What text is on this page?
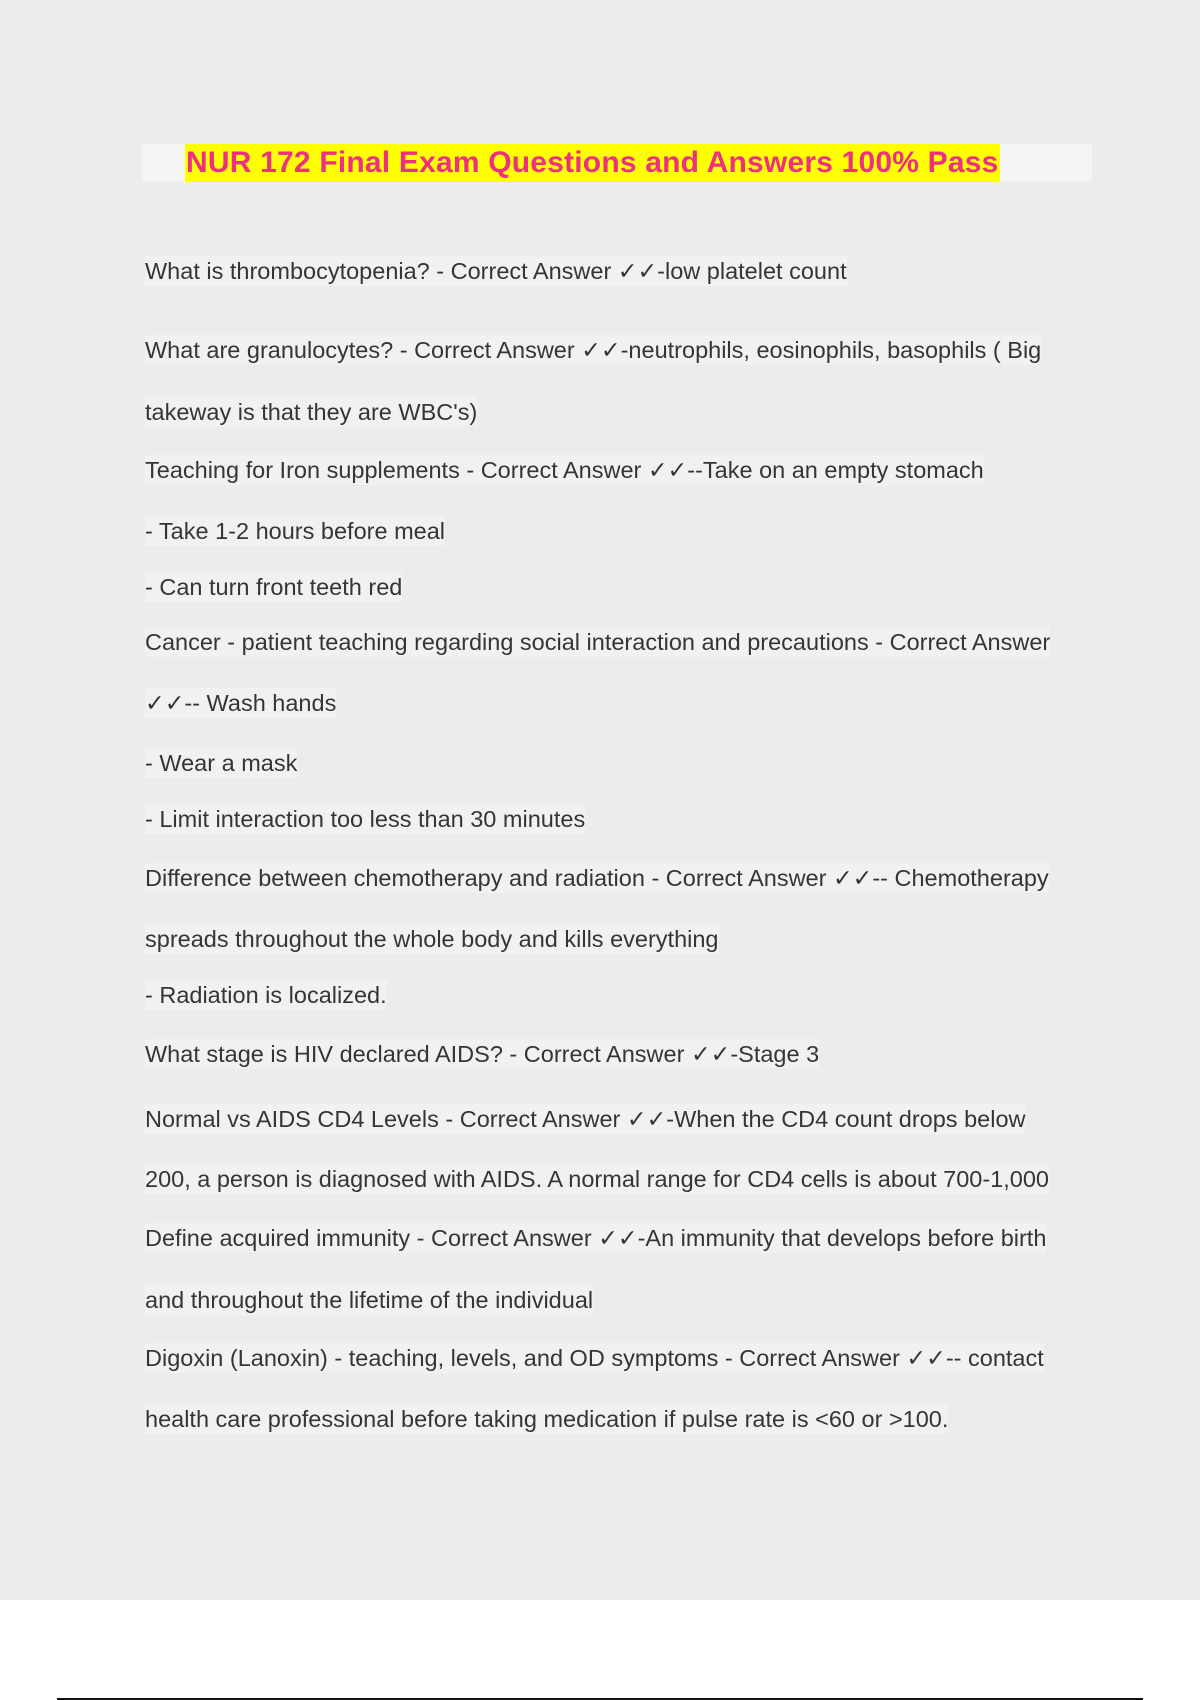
NUR 172 Final Exam Questions and Answers 100% Pass
What is thrombocytopenia? - Correct Answer ✓✓-low platelet count
What are granulocytes? - Correct Answer ✓✓-neutrophils, eosinophils, basophils ( Big
takeway is that they are WBC's)
Teaching for Iron supplements - Correct Answer ✓✓--Take on an empty stomach
- Take 1-2 hours before meal
- Can turn front teeth red
Cancer - patient teaching regarding social interaction and precautions - Correct Answer
✓✓-- Wash hands
- Wear a mask
- Limit interaction too less than 30 minutes
Difference between chemotherapy and radiation - Correct Answer ✓✓-- Chemotherapy
spreads throughout the whole body and kills everything
- Radiation is localized.
What stage is HIV declared AIDS? - Correct Answer ✓✓-Stage 3
Normal vs AIDS CD4 Levels - Correct Answer ✓✓-When the CD4 count drops below
200, a person is diagnosed with AIDS. A normal range for CD4 cells is about 700-1,000
Define acquired immunity - Correct Answer ✓✓-An immunity that develops before birth
and throughout the lifetime of the individual
Digoxin (Lanoxin) - teaching, levels, and OD symptoms - Correct Answer ✓✓-- contact
health care professional before taking medication if pulse rate is <60 or >100.
